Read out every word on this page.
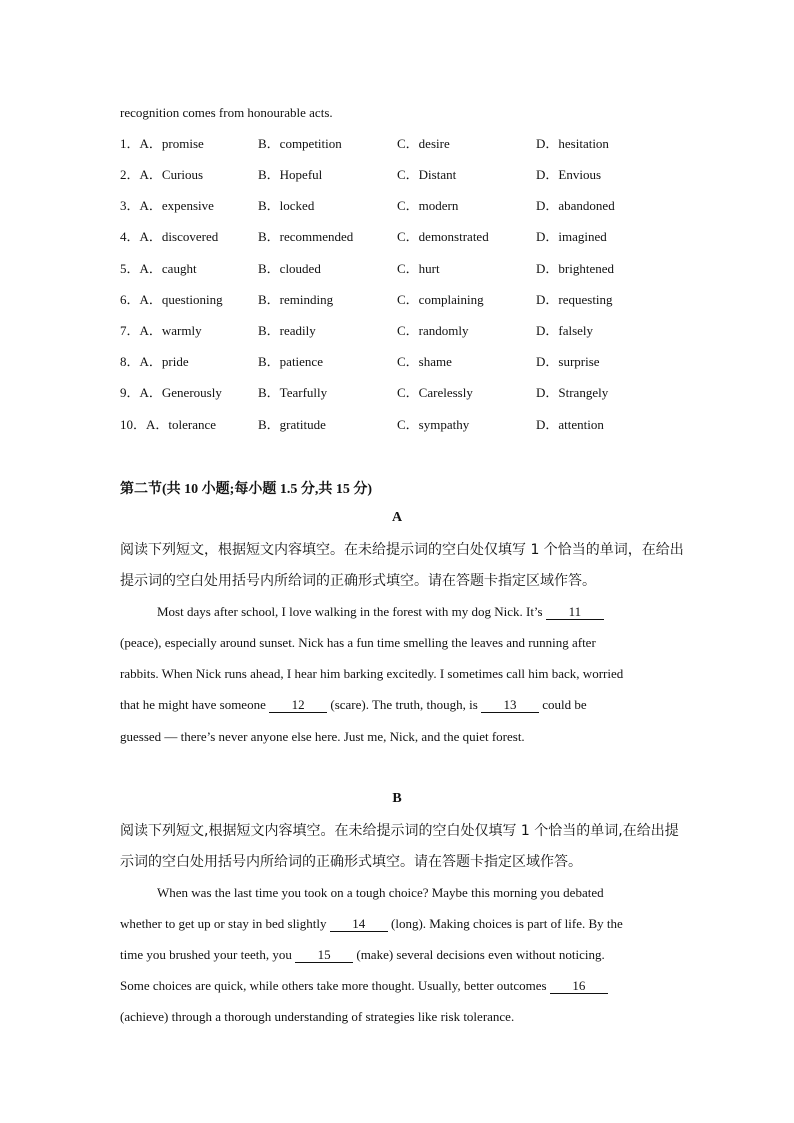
recognition comes from honourable acts.
1．A．promise	B．competition	C．desire	D．hesitation
2．A．Curious	B．Hopeful	C．Distant	D．Envious
3．A．expensive	B．locked	C．modern	D．abandoned
4．A．discovered	B．recommended	C．demonstrated	D．imagined
5．A．caught	B．clouded	C．hurt	D．brightened
6．A．questioning	B．reminding	C．complaining	D．requesting
7．A．warmly	B．readily	C．randomly	D．falsely
8．A．pride	B．patience	C．shame	D．surprise
9．A．Generously	B．Tearfully	C．Carelessly	D．Strangely
10．A．tolerance	B．gratitude	C．sympathy	D．attention
第二节(共 10 小题;每小题 1.5 分,共 15 分)
A
阅读下列短文，根据短文内容填空。在未给提示词的空白处仅填写 1 个恰当的单词，在给出
提示词的空白处用括号内所给词的正确形式填空。请在答题卡指定区域作答。
Most days after school, I love walking in the forest with my dog Nick. It’s 11
(peace), especially around sunset. Nick has a fun time smelling the leaves and running after
rabbits. When Nick runs ahead, I hear him barking excitedly. I sometimes call him back, worried
that he might have someone 12 (scare). The truth, though, is 13 could be
guessed — there’s never anyone else here. Just me, Nick, and the quiet forest.
B
阅读下列短文,根据短文内容填空。在未给提示词的空白处仅填写 1 个恰当的单词,在给出提
示词的空白处用括号内所给词的正确形式填空。请在答题卡指定区域作答。
When was the last time you took on a tough choice? Maybe this morning you debated
whether to get up or stay in bed slightly 14 (long). Making choices is part of life. By the
time you brushed your teeth, you 15 (make) several decisions even without noticing.
Some choices are quick, while others take more thought. Usually, better outcomes 16
(achieve) through a thorough understanding of strategies like risk tolerance.
